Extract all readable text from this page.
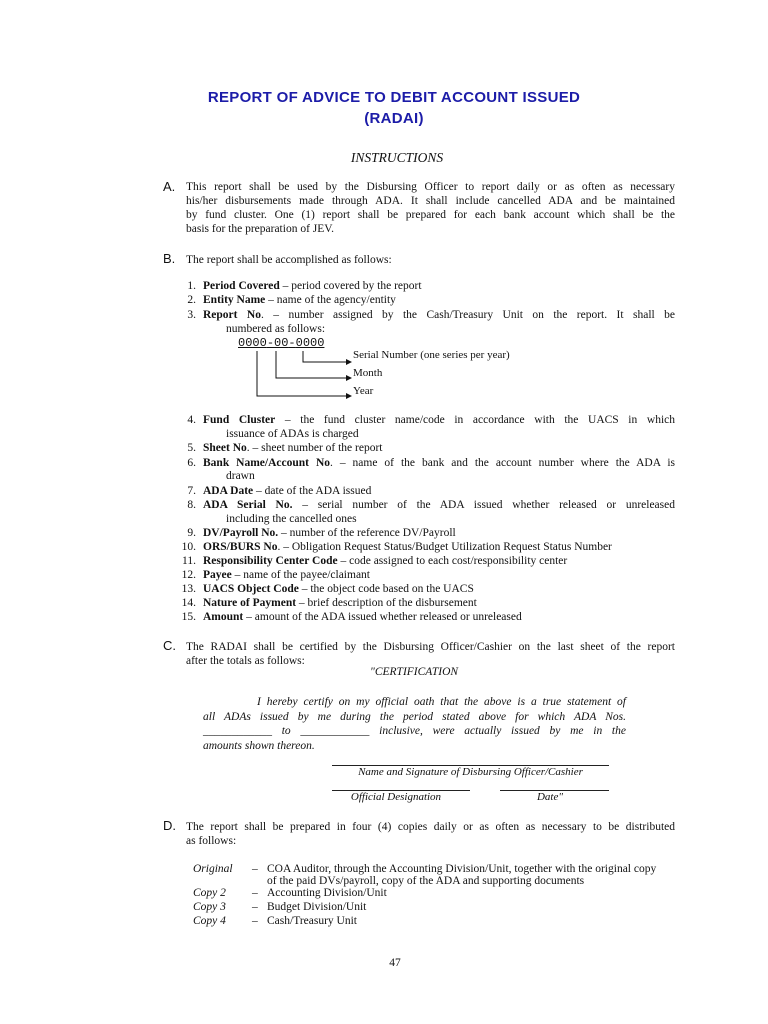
REPORT OF ADVICE TO DEBIT ACCOUNT ISSUED
(RADAI)
INSTRUCTIONS
A. This report shall be used by the Disbursing Officer to report daily or as often as necessary
his/her disbursements made through ADA. It shall include cancelled ADA and be maintained
by fund cluster. One (1) report shall be prepared for each bank account which shall be the
basis for the preparation of JEV.
B. The report shall be accomplished as follows:
1. Period Covered – period covered by the report
2. Entity Name – name of the agency/entity
3. Report No. – number assigned by the Cash/Treasury Unit on the report. It shall be
numbered as follows:
0000-00-0000
Serial Number (one series per year)
Month
Year
4. Fund Cluster – the fund cluster name/code in accordance with the UACS in which
issuance of ADAs is charged
5. Sheet No. – sheet number of the report
6. Bank Name/Account No. – name of the bank and the account number where the ADA is
drawn
7. ADA Date – date of the ADA issued
8. ADA Serial No. – serial number of the ADA issued whether released or unreleased
including the cancelled ones
9. DV/Payroll No. – number of the reference DV/Payroll
10. ORS/BURS No. – Obligation Request Status/Budget Utilization Request Status Number
11. Responsibility Center Code – code assigned to each cost/responsibility center
12. Payee – name of the payee/claimant
13. UACS Object Code – the object code based on the UACS
14. Nature of Payment – brief description of the disbursement
15. Amount – amount of the ADA issued whether released or unreleased
C. The RADAI shall be certified by the Disbursing Officer/Cashier on the last sheet of the report
after the totals as follows:
"CERTIFICATION
I hereby certify on my official oath that the above is a true statement of
all ADAs issued by me during the period stated above for which ADA Nos.
____________ to ____________ inclusive, were actually issued by me in the
amounts shown thereon.
Name and Signature of Disbursing Officer/Cashier
Official Designation	Date"
D. The report shall be prepared in four (4) copies daily or as often as necessary to be distributed
as follows:
Original – COA Auditor, through the Accounting Division/Unit, together with the original copy
of the paid DVs/payroll, copy of the ADA and supporting documents
Copy 2 – Accounting Division/Unit
Copy 3 – Budget Division/Unit
Copy 4 – Cash/Treasury Unit
47
